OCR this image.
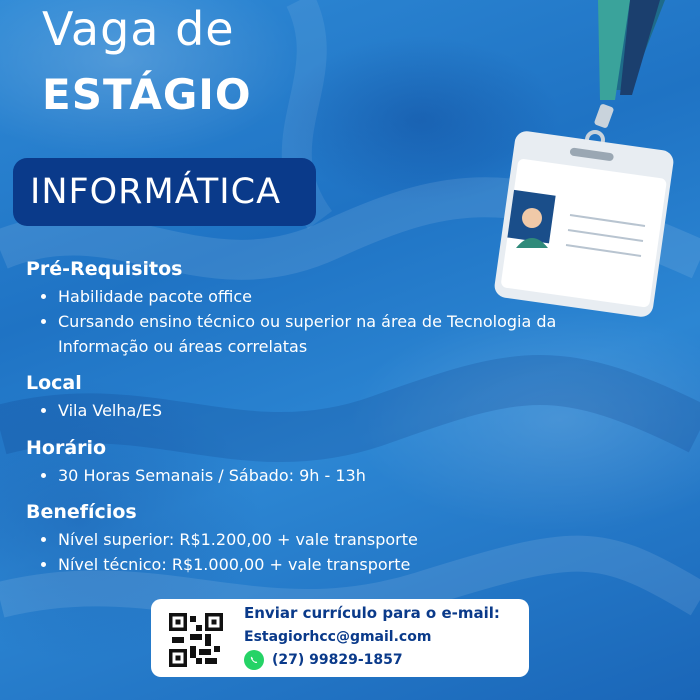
Vaga de
ESTÁGIO
INFORMÁTICA
Pré-Requisitos
• Habilidade pacote office
• Cursando ensino técnico ou superior na área de Tecnologia da Informação ou áreas correlatas
Local
• Vila Velha/ES
Horário
• 30 Horas Semanais / Sábado: 9h - 13h
Benefícios
• Nível superior: R$1.200,00 + vale transporte
• Nível técnico: R$1.000,00 + vale transporte
Enviar currículo para o e-mail:
Estagiorhcc@gmail.com
(27) 99829-1857
